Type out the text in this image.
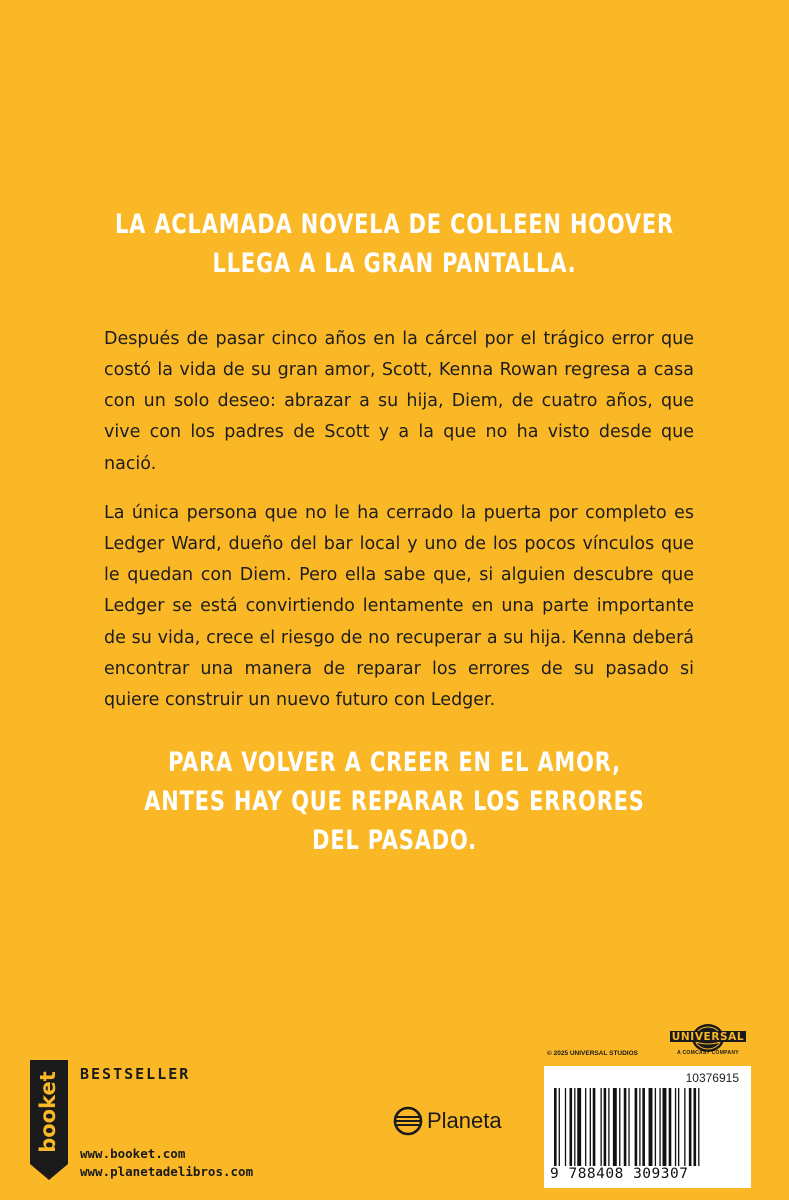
LA ACLAMADA NOVELA DE COLLEEN HOOVER
LLEGA A LA GRAN PANTALLA.

Después de pasar cinco años en la cárcel por el trágico error que costó la vida de su gran amor, Scott, Kenna Rowan regresa a casa con un solo deseo: abrazar a su hija, Diem, de cuatro años, que vive con los padres de Scott y a la que no ha visto desde que nació.

La única persona que no le ha cerrado la puerta por completo es Ledger Ward, dueño del bar local y uno de los pocos vínculos que le quedan con Diem. Pero ella sabe que, si alguien descubre que Ledger se está convirtiendo lentamente en una parte importante de su vida, crece el riesgo de no recuperar a su hija. Kenna deberá encontrar una manera de reparar los errores de su pasado si quiere construir un nuevo futuro con Ledger.

PARA VOLVER A CREER EN EL AMOR,
ANTES HAY QUE REPARAR LOS ERRORES
DEL PASADO.
booket BESTSELLER
www.booket.com
www.planetadelibros.com
Planeta
UNIVERSAL
A COMCAST COMPANY
© 2025 UNIVERSAL STUDIOS
10376915
9 788408 309307
